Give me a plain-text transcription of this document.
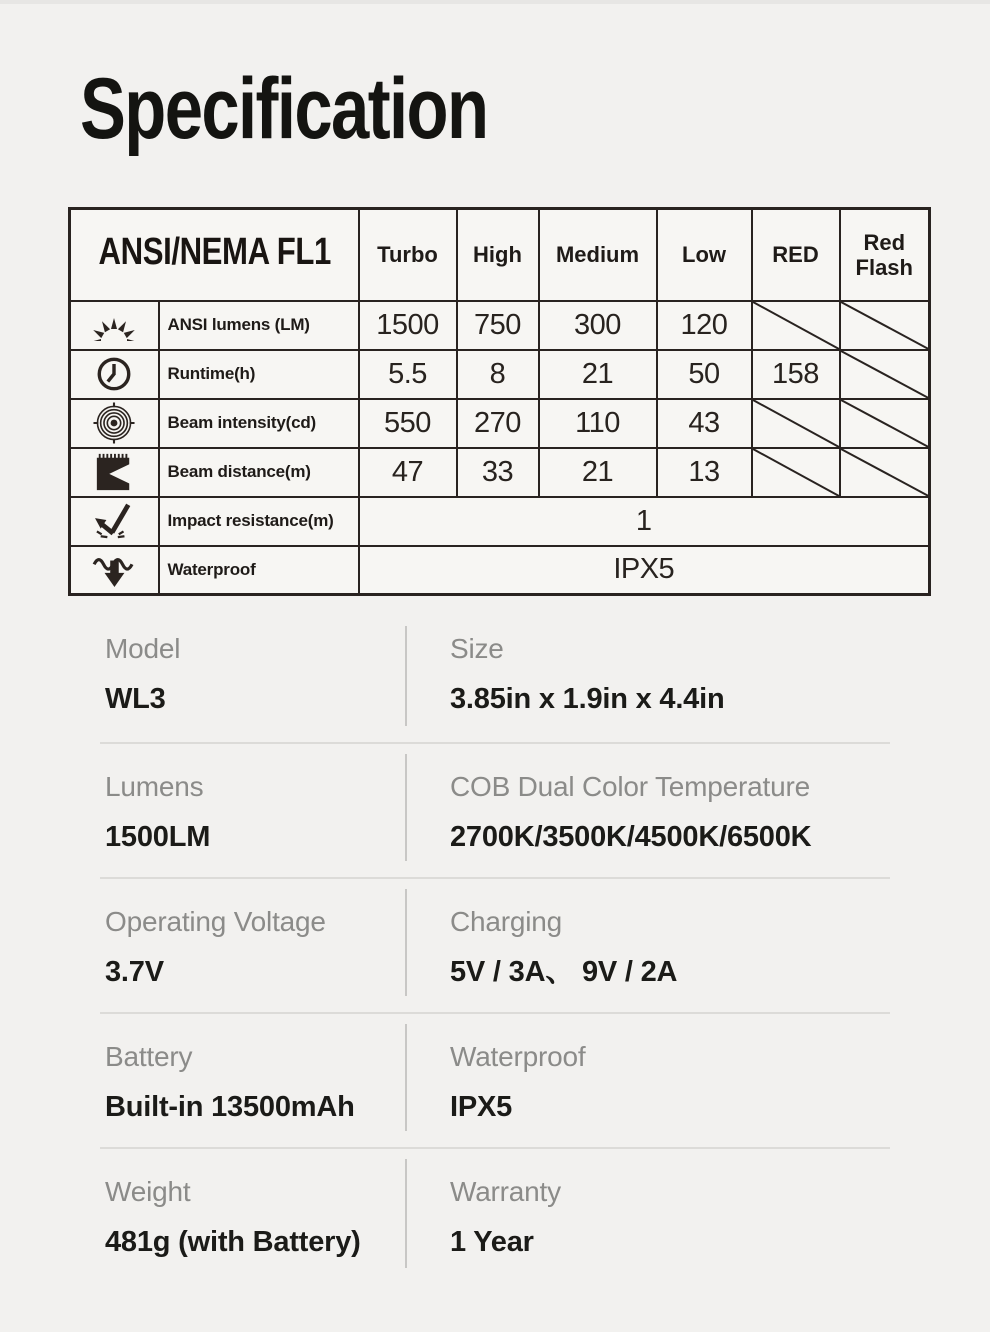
Specification
ANSI/NEMA FL1		Turbo	High	Medium	Low	RED	Red Flash

	ANSI lumens (LM)	1500	750	300	120	

	Runtime(h)	5.5	8	21	50	158	

	Beam intensity(cd)	550	270	110	43	

	Beam distance(m)	47	33	21	13	

	Impact resistance(m)	1					

	Waterproof	IPX5					
Model
WL3
Size
3.85in x 1.9in x 4.4in
Lumens
1500LM
COB Dual Color Temperature
2700K/3500K/4500K/6500K
Operating Voltage
3.7V
Charging
5V / 3A、 9V / 2A
Battery
Built-in 13500mAh
Waterproof
IPX5
Weight
481g (with Battery)
Warranty
1 Year
